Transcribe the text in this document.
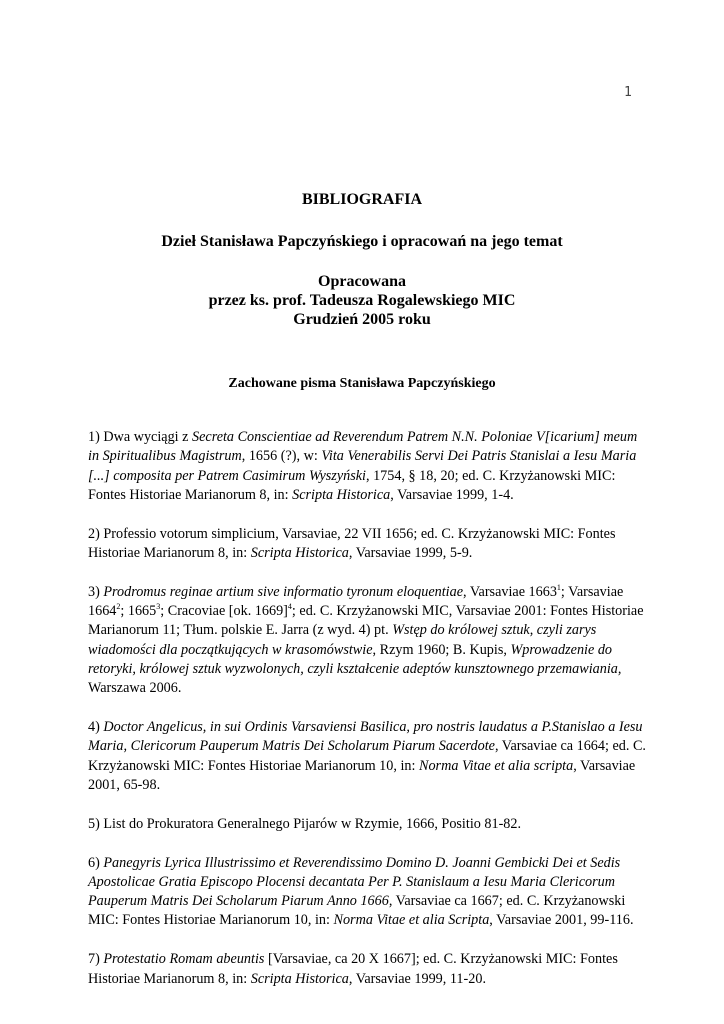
1
BIBLIOGRAFIA
Dzieł Stanisława Papczyńskiego i opracowań na jego temat
Opracowana
przez ks. prof. Tadeusza Rogalewskiego MIC
Grudzień 2005 roku
Zachowane pisma Stanisława Papczyńskiego

1) Dwa wyciągi z Secreta Conscientiae ad Reverendum Patrem N.N. Poloniae V[icarium] meum in Spiritualibus Magistrum, 1656 (?), w: Vita Venerabilis Servi Dei Patris Stanislai a Iesu Maria [...] composita per Patrem Casimirum Wyszyński, 1754, § 18, 20; ed. C. Krzyżanowski MIC: Fontes Historiae Marianorum 8, in: Scripta Historica, Varsaviae 1999, 1-4.

2) Professio votorum simplicium, Varsaviae, 22 VII 1656; ed. C. Krzyżanowski MIC: Fontes Historiae Marianorum 8, in: Scripta Historica, Varsaviae 1999, 5-9.

3) Prodromus reginae artium sive informatio tyronum eloquentiae, Varsaviae 1663$^1$; Varsaviae 1664$^2$; 1665$^3$; Cracoviae [ok. 1669]$^4$; ed. C. Krzyżanowski MIC, Varsaviae 2001: Fontes Historiae Marianorum 11; Tłum. polskie E. Jarra (z wyd. 4) pt. Wstęp do królowej sztuk, czyli zarys wiadomości dla początkujących w krasomówstwie, Rzym 1960; B. Kupis, Wprowadzenie do retoryki, królowej sztuk wyzwolonych, czyli kształcenie adeptów kunsztownego przemawiania, Warszawa 2006.

4) Doctor Angelicus, in sui Ordinis Varsaviensi Basilica, pro nostris laudatus a P.Stanislao a Iesu Maria, Clericorum Pauperum Matris Dei Scholarum Piarum Sacerdote, Varsaviae ca 1664; ed. C. Krzyżanowski MIC: Fontes Historiae Marianorum 10, in: Norma Vitae et alia scripta, Varsaviae 2001, 65-98.

5) List do Prokuratora Generalnego Pijarów w Rzymie, 1666, Positio 81-82.

6) Panegyris Lyrica Illustrissimo et Reverendissimo Domino D. Joanni Gembicki Dei et Sedis Apostolicae Gratia Episcopo Plocensi decantata Per P. Stanislaum a Iesu Maria Clericorum Pauperum Matris Dei Scholarum Piarum Anno 1666, Varsaviae ca 1667; ed. C. Krzyżanowski MIC: Fontes Historiae Marianorum 10, in: Norma Vitae et alia Scripta, Varsaviae 2001, 99-116.

7) Protestatio Romam abeuntis [Varsaviae, ca 20 X 1667]; ed. C. Krzyżanowski MIC: Fontes Historiae Marianorum 8, in: Scripta Historica, Varsaviae 1999, 11-20.
